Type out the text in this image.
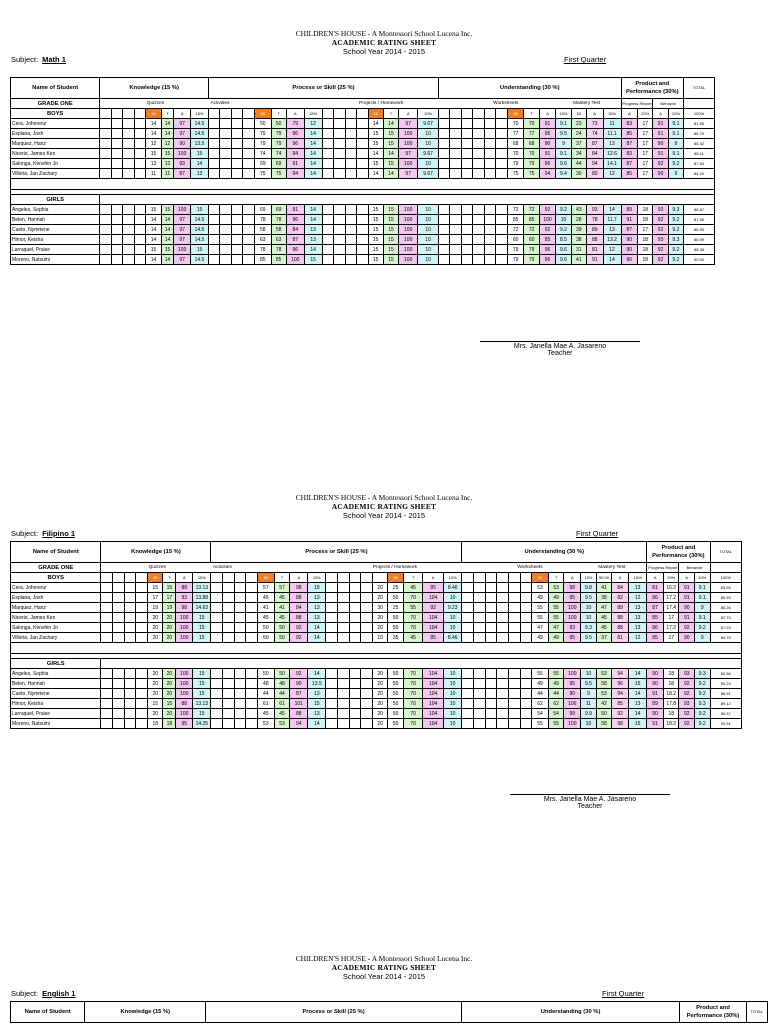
CHILDREN'S HOUSE - A Montessori School Lucena Inc.
ACADEMIC RATING SHEET
School Year 2014 - 2015
Subject: Math 1	First Quarter
Name of Student	Knowledge (15 %)								Process or Skill (25 %)																Understanding (30 %)													Product and Performance (30%)				TOTAL
GRADE ONE	Quizzes								Activities								Projects / Homework								Worksheets										Mastery Test			Progress Report		Behavior		
BOYS					15	T	A	15%					85	T	A	15%					15	T	A	10%							85	T	A	15%	50	A	15%	A	20%	A	10%	100%
Cera, Johnrenz					14	14	97	14.5					50	50	79	12					14	14	97	9.67							70	70	91	9.1	23	73	11	83	17	91	9.1	81.85
Esplana, Josh					14	14	97	14.5					79	79	96	14					15	15	100	10							77	77	95	9.5	24	74	11.1	85	17	91	9.1	85.70
Marquez, Hanz					12	12	90	13.5					79	79	96	14					15	15	100	10							68	68	90	9	37	87	13	87	17	90	9	86.42
Nicerio, James Ken					15	15	100	15					74	74	94	14					14	14	97	9.67							70	70	91	9.1	34	84	12.6	83	17	91	9.1	86.11
Salonga, Kenshin Jo					13	13	93	14					69	69	91	14					15	15	100	10							79	79	96	9.6	44	94	14.1	87	17	92	9.2	87.94
Villoria, Jan Zachary					11	11	87	13					75	75	94	14					14	14	97	9.67							75	75	94	9.4	30	80	12	85	17	90	9	84.20

GIRLS																																										
Angeles, Sophia					15	15	100	15					69	69	91	14					15	15	100	10							72	72	92	9.2	43	93	14	89	18	93	9.3	88.87
Belen, Hannah					14	14	97	14.5					78	78	96	14					15	15	100	10							85	85	100	10	28	78	11.7	91	18	92	9.2	87.96
Cueto, Nymriene					14	14	97	14.5					58	58	84	13					15	15	100	10							72	72	92	9.2	39	89	13	87	17	92	9.2	86.90
Himor, Keisha					14	14	97	14.5					63	63	87	13					15	15	100	10							60	60	85	8.5	38	88	13.2	90	18	93	9.3	86.59
Larraquel, Praise					15	15	100	15					78	78	96	14					15	15	100	10							79	79	96	9.6	31	81	12	90	18	92	9.2	88.38
Moreno, Natsumi					14	14	97	14.5					85	85	100	15					15	15	100	10							79	79	96	9.6	41	91	14	90	18	92	9.2	90.00
Mrs. Janella Mae A. Jasareno
Teacher
CHILDREN'S HOUSE - A Montessori School Lucena Inc.
ACADEMIC RATING SHEET
School Year 2014 - 2015
Subject: Filipino 1	First Quarter
Name of Student	Knowledge (15 %)								Process or Skill (25 %)																	Understanding (30 %)													Product and Performance (30%)				TOTAL
GRADE ONE	Quizzes								Activities								Projects / Homework									Worksheets										Mastery Test			Progress Report		Behavior		
BOYS					20	T	A	15%					64	T	A	15%						65	T	A	10%							55	T	A	15%	50.00	A	15%	A	20%	A	10%	100%
Cera, Johnrenz					15	15	88	13.13					57	57	98	15					20	25	45	85	8.46							53	53	98	9.8	41	84	13	81	16.2	91	9.1	83.95
Esplana, Josh					17	17	93	13.88					45	45	88	13					20	50	70	104	10							49	49	95	9.5	38	82	12	86	17.2	91	9.1	85.39
Marquez, Hanz					19	19	98	14.63					41	41	84	13					30	25	55	92	9.23							55	55	100	10	47	89	13	87	17.4	90	9	86.26
Nicerio, James Ken					20	20	100	15					45	45	88	13					20	50	70	104	10							55	55	100	10	45	88	13	85	17	91	9.1	87.73
Salonga, Kenshin Jo					20	20	100	15					50	50	92	14					20	50	70	104	10							47	47	93	9.3	45	88	13	86	17.2	92	9.2	87.93
Villoria, Jan Zachary					20	20	100	15					50	50	92	14					10	35	45	85	8.46							49	49	95	9.5	37	81	12	85	17	90	9	84.79

GIRLS																																											
Angeles, Sophia					20	20	100	15					50	50	92	14					20	50	70	104	10							55	55	100	10	53	94	14	90	18	93	9.3	90.56
Belen, Hannah					20	20	100	15					48	48	90	13.5					20	50	70	104	10							49	49	95	9.5	58	96	15	90	18	92	9.2	90.29
Cueto, Nymriene					20	20	100	15					44	44	87	13					20	50	70	104	10							44	44	90	9	53	94	14	91	18.2	92	9.2	88.91
Himor, Keisha					15	15	88	13.13					61	61	101	15					20	50	70	104	10							62	62	106	11	42	85	13	89	17.8	93	9.3	89.12
Larraquel, Praise					20	20	100	15					45	45	88	13					20	50	70	104	10							54	54	99	9.9	50	92	14	90	18	92	9.2	89.37
Moreno, Natsumi					18	18	95	14.25					53	53	94	14					20	50	70	104	10							55	55	100	10	58	98	15	91	18.2	92	9.2	90.91
Mrs. Janella Mae A. Jasareno
Teacher
CHILDREN'S HOUSE - A Montessori School Lucena Inc.
ACADEMIC RATING SHEET
School Year 2014 - 2015
Subject: English 1	First Quarter
Name of Student	Knowledge (15 %)	Process or Skill (25 %)	Understanding (30 %)	Product and Performance (30%)	TOTAL
